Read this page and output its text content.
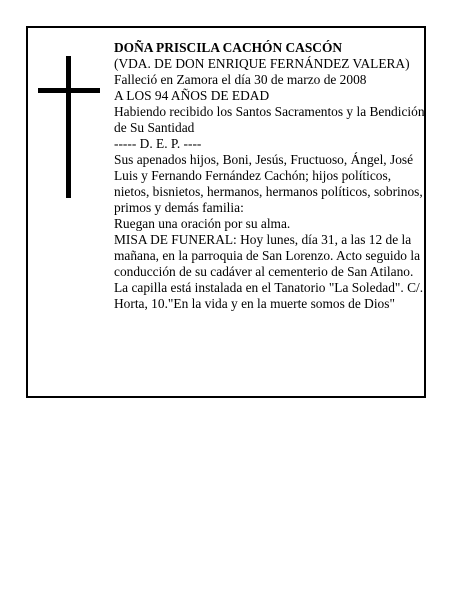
DOÑA PRISCILA CACHÓN CASCÓN

(VDA. DE DON ENRIQUE FERNÁNDEZ VALERA)

Falleció en Zamora el día 30 de marzo de 2008

A LOS 94 AÑOS DE EDAD

Habiendo recibido los Santos Sacramentos y la Bendición de Su Santidad

----- D. E. P. ----

Sus apenados hijos, Boni, Jesús, Fructuoso, Ángel, José Luis y Fernando Fernández Cachón; hijos políticos, nietos, bisnietos, hermanos, hermanos políticos, sobrinos, primos y demás familia:

Ruegan una oración por su alma.

MISA DE FUNERAL: Hoy lunes, día 31, a las 12 de la mañana, en la parroquia de San Lorenzo. Acto seguido la conducción de su cadáver al cementerio de San Atilano.

La capilla está instalada en el Tanatorio "La Soledad". C/. Horta, 10."En la vida y en la muerte somos de Dios"
